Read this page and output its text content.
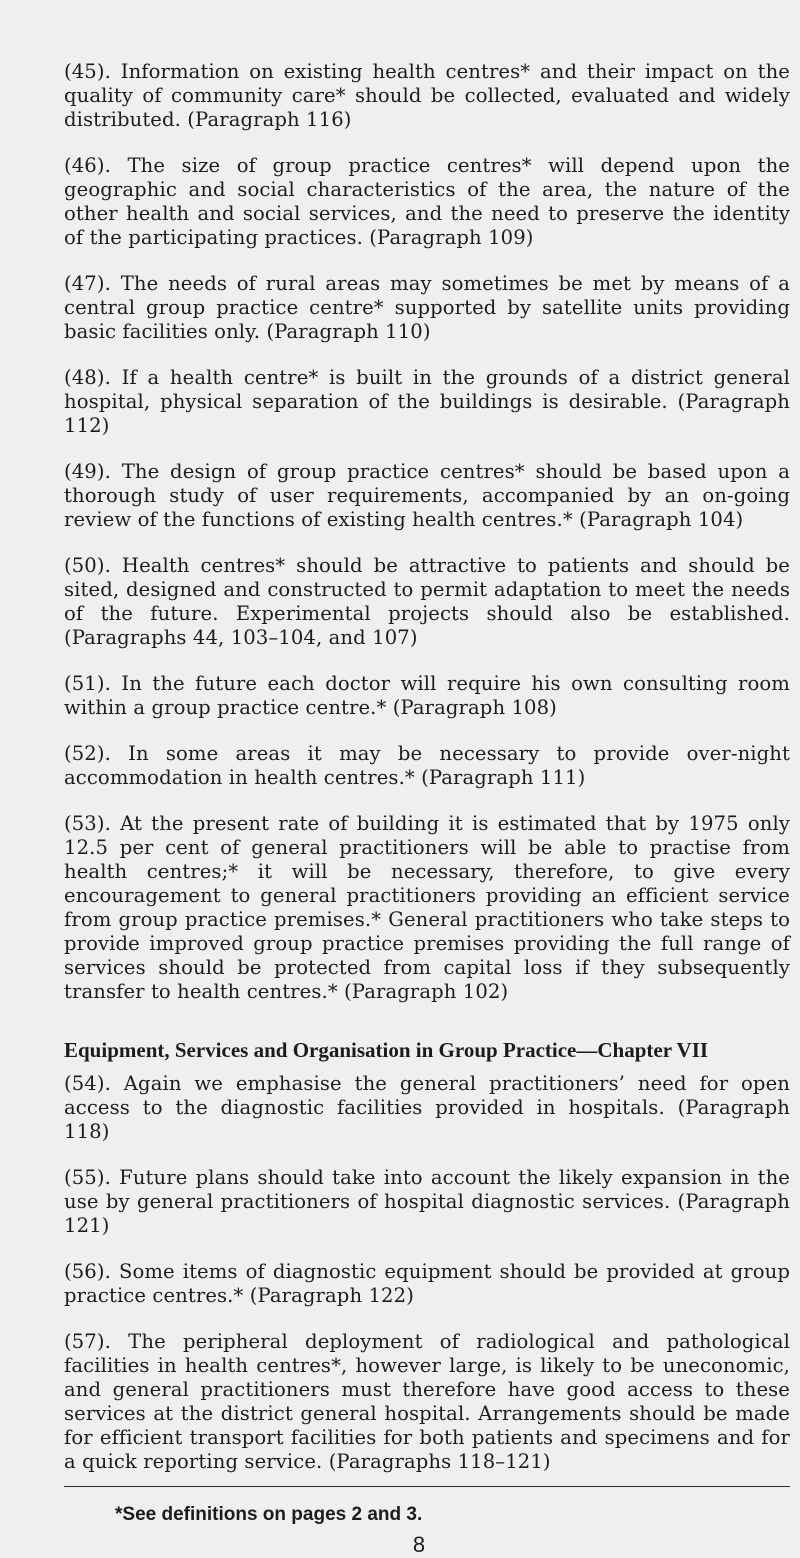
(45). Information on existing health centres* and their impact on the quality of community care* should be collected, evaluated and widely distributed. (Paragraph 116)

(46). The size of group practice centres* will depend upon the geographic and social characteristics of the area, the nature of the other health and social services, and the need to preserve the identity of the participating practices. (Paragraph 109)

(47). The needs of rural areas may sometimes be met by means of a central group practice centre* supported by satellite units providing basic facilities only. (Paragraph 110)

(48). If a health centre* is built in the grounds of a district general hospital, physical separation of the buildings is desirable. (Paragraph 112)

(49). The design of group practice centres* should be based upon a thorough study of user requirements, accompanied by an on-going review of the functions of existing health centres.* (Paragraph 104)

(50). Health centres* should be attractive to patients and should be sited, designed and constructed to permit adaptation to meet the needs of the future. Experimental projects should also be established. (Paragraphs 44, 103–104, and 107)

(51). In the future each doctor will require his own consulting room within a group practice centre.* (Paragraph 108)

(52). In some areas it may be necessary to provide over-night accommodation in health centres.* (Paragraph 111)

(53). At the present rate of building it is estimated that by 1975 only 12.5 per cent of general practitioners will be able to practise from health centres;* it will be necessary, therefore, to give every encouragement to general practitioners providing an efficient service from group practice premises.* General practitioners who take steps to provide improved group practice premises providing the full range of services should be protected from capital loss if they subsequently transfer to health centres.* (Paragraph 102)

Equipment, Services and Organisation in Group Practice—Chapter VII

(54). Again we emphasise the general practitioners’ need for open access to the diagnostic facilities provided in hospitals. (Paragraph 118)

(55). Future plans should take into account the likely expansion in the use by general practitioners of hospital diagnostic services. (Paragraph 121)

(56). Some items of diagnostic equipment should be provided at group practice centres.* (Paragraph 122)

(57). The peripheral deployment of radiological and pathological facilities in health centres*, however large, is likely to be uneconomic, and general practitioners must therefore have good access to these services at the district general hospital. Arrangements should be made for efficient transport facilities for both patients and specimens and for a quick reporting service. (Paragraphs 118–121)

*See definitions on pages 2 and 3.
8
